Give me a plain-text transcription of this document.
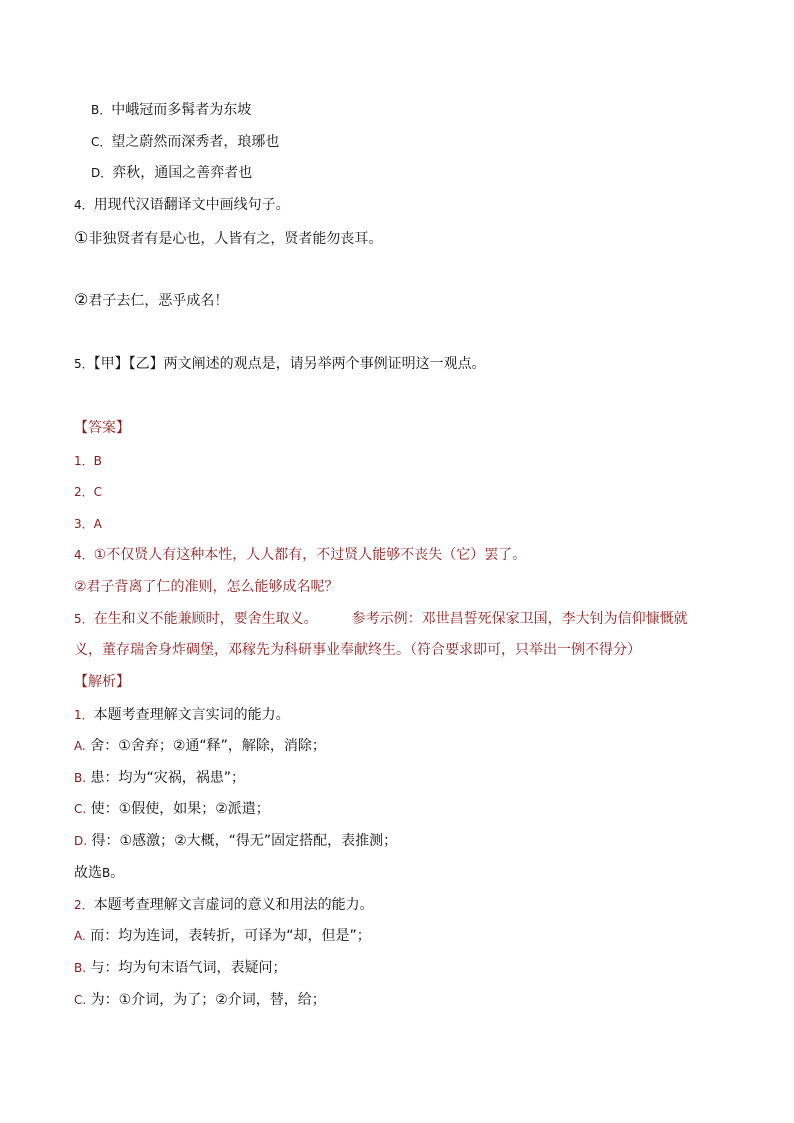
B．中峨冠而多髯者为东坡
C．望之蔚然而深秀者，琅琊也
D．弈秋，通国之善弈者也
4．用现代汉语翻译文中画线句子。
①非独贤者有是心也，人皆有之，贤者能勿丧耳。
②君子去仁，恶乎成名！
5．【甲】【乙】两文阐述的观点是，请另举两个事例证明这一观点。
【答案】
1．B
2．C
3．A
4．①不仅贤人有这种本性，人人都有，不过贤人能够不丧失（它）罢了。
②君子背离了仁的准则，怎么能够成名呢？
5．在生和义不能兼顾时，要舍生取义。 参考示例：邓世昌誓死保家卫国，李大钊为信仰慷慨就
义，董存瑞舍身炸碉堡，邓稼先为科研事业奉献终生。（符合要求即可，只举出一例不得分）
【解析】
1．本题考查理解文言实词的能力。
A. 舍：①舍弃；②通“释”，解除，消除；
B. 患：均为“灾祸，祸患”；
C. 使：①假使，如果；②派遣；
D. 得：①感激；②大概，“得无”固定搭配，表推测；
故选B。
2．本题考查理解文言虚词的意义和用法的能力。
A. 而：均为连词，表转折，可译为“却，但是”；
B. 与：均为句末语气词，表疑问；
C. 为：①介词，为了；②介词，替，给；
